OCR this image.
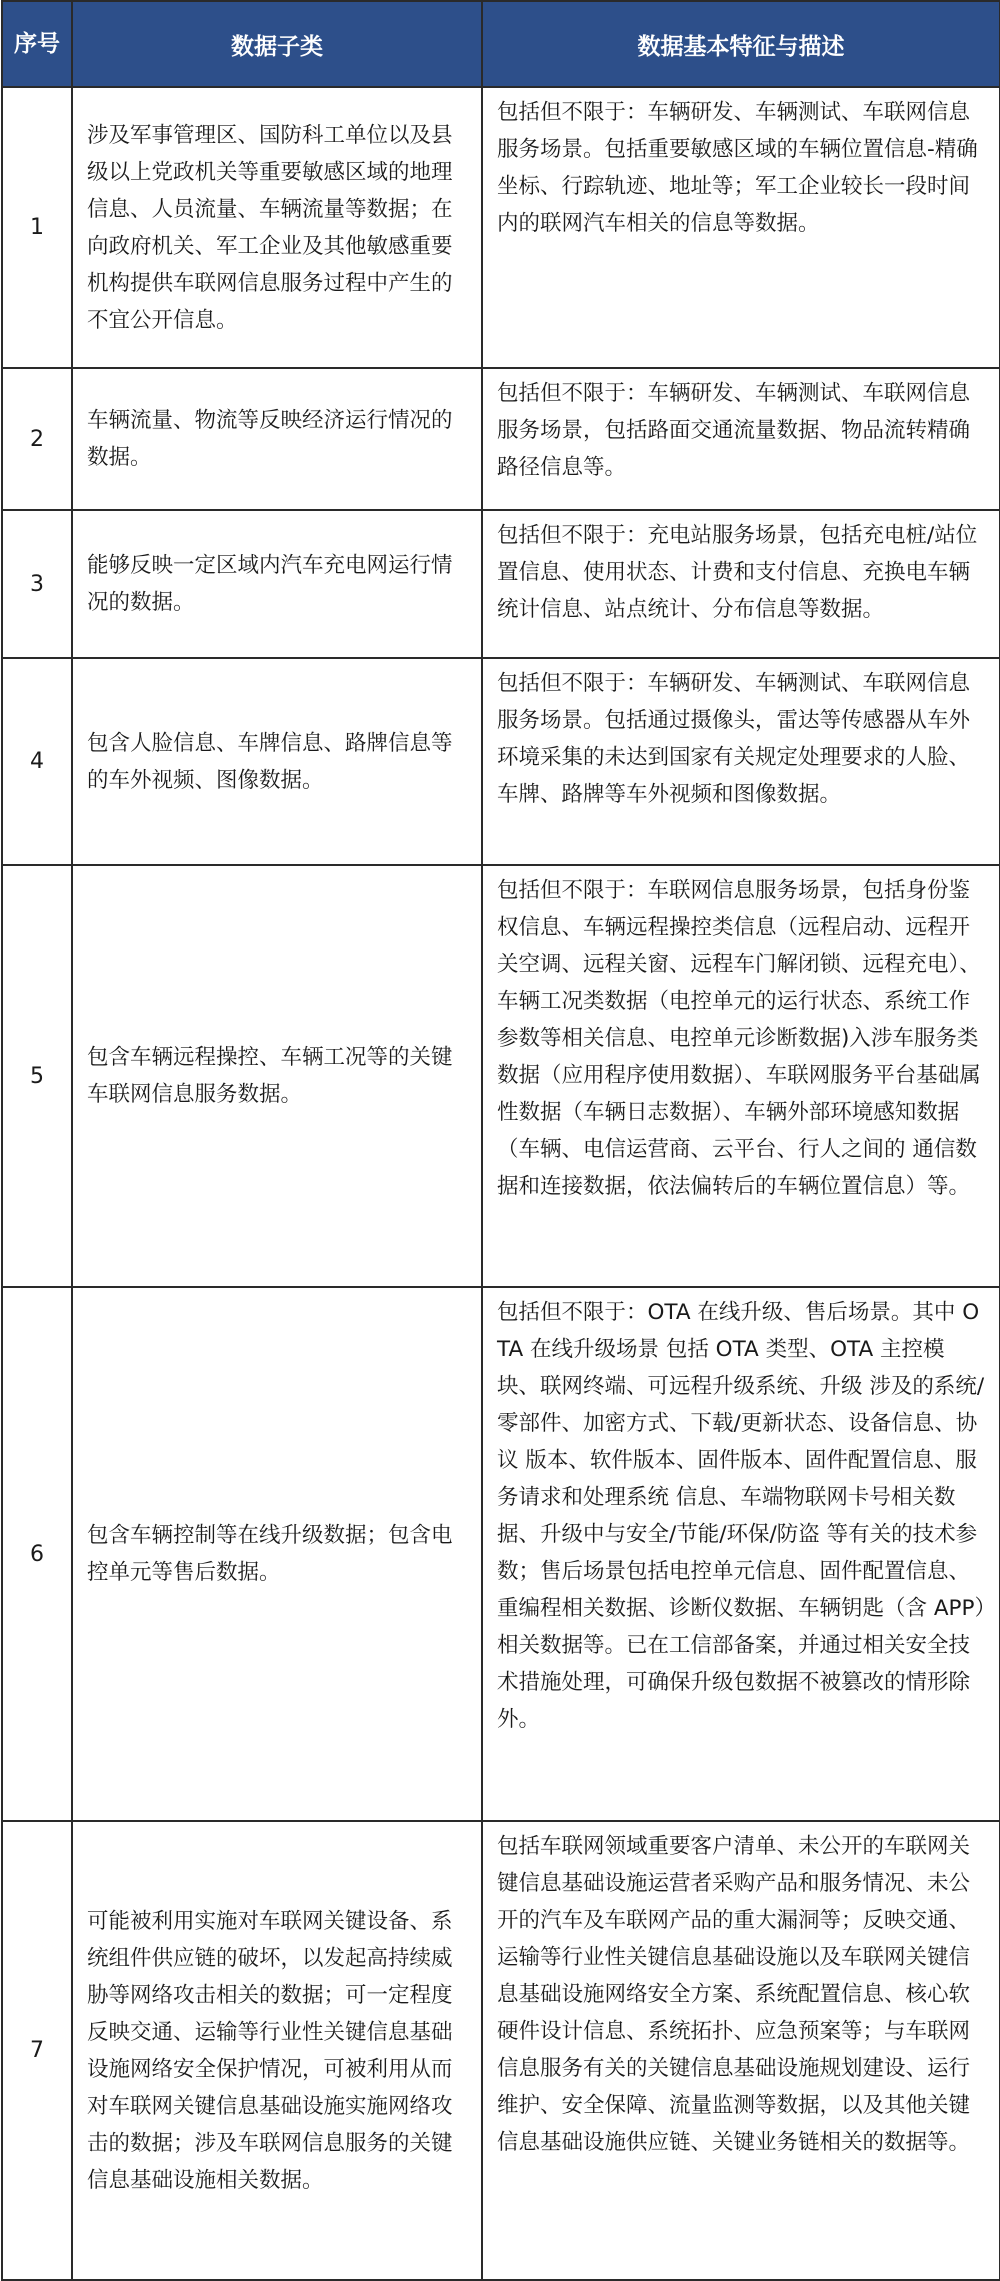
序号	数据子类	数据基本特征与描述
1	涉及军事管理区、国防科工单位以及县级以上党政机关等重要敏感区域的地理信息、人员流量、车辆流量等数据；在向政府机关、军工企业及其他敏感重要机构提供车联网信息服务过程中产生的不宜公开信息。	包括但不限于：车辆研发、车辆测试、车联网信息服务场景。包括重要敏感区域的车辆位置信息-精确坐标、行踪轨迹、地址等；军工企业较长一段时间内的联网汽车相关的信息等数据。
2	车辆流量、物流等反映经济运行情况的数据。	包括但不限于：车辆研发、车辆测试、车联网信息服务场景，包括路面交通流量数据、物品流转精确路径信息等。
3	能够反映一定区域内汽车充电网运行情况的数据。	包括但不限于：充电站服务场景，包括充电桩/站位置信息、使用状态、计费和支付信息、充换电车辆统计信息、站点统计、分布信息等数据。
4	包含人脸信息、车牌信息、路牌信息等的车外视频、图像数据。	包括但不限于：车辆研发、车辆测试、车联网信息服务场景。包括通过摄像头，雷达等传感器从车外环境采集的未达到国家有关规定处理要求的人脸、车牌、路牌等车外视频和图像数据。
5	包含车辆远程操控、车辆工况等的关键车联网信息服务数据。	包括但不限于：车联网信息服务场景，包括身份鉴权信息、车辆远程操控类信息（远程启动、远程开关空调、远程关窗、远程车门解闭锁、远程充电）、车辆工况类数据（电控单元的运行状态、系统工作参数等相关信息、电控单元诊断数据)入涉车服务类数据（应用程序使用数据）、车联网服务平台基础属性数据（车辆日志数据）、车辆外部环境感知数据（车辆、电信运营商、云平台、行人之间的 通信数据和连接数据，依法偏转后的车辆位置信息）等。
6	包含车辆控制等在线升级数据；包含电控单元等售后数据。	包括但不限于：OTA 在线升级、售后场景。其中 OTA 在线升级场景 包括 OTA 类型、OTA 主控模块、联网终端、可远程升级系统、升级 涉及的系统/零部件、加密方式、下载/更新状态、设备信息、协议 版本、软件版本、固件版本、固件配置信息、服务请求和处理系统 信息、车端物联网卡号相关数据、升级中与安全/节能/环保/防盗 等有关的技术参数；售后场景包括电控单元信息、固件配置信息、 重编程相关数据、诊断仪数据、车辆钥匙（含 APP）相关数据等。已在工信部备案，并通过相关安全技术措施处理，可确保升级包数据不被篡改的情形除外。
7	可能被利用实施对车联网关键设备、系统组件供应链的破坏，以发起高持续威胁等网络攻击相关的数据；可一定程度反映交通、运输等行业性关键信息基础设施网络安全保护情况，可被利用从而对车联网关键信息基础设施实施网络攻击的数据；涉及车联网信息服务的关键信息基础设施相关数据。	包括车联网领域重要客户清单、未公开的车联网关键信息基础设施运营者采购产品和服务情况、未公开的汽车及车联网产品的重大漏洞等；反映交通、运输等行业性关键信息基础设施以及车联网关键信息基础设施网络安全方案、系统配置信息、核心软硬件设计信息、系统拓扑、应急预案等；与车联网信息服务有关的关键信息基础设施规划建设、运行维护、安全保障、流量监测等数据，以及其他关键信息基础设施供应链、关键业务链相关的数据等。
